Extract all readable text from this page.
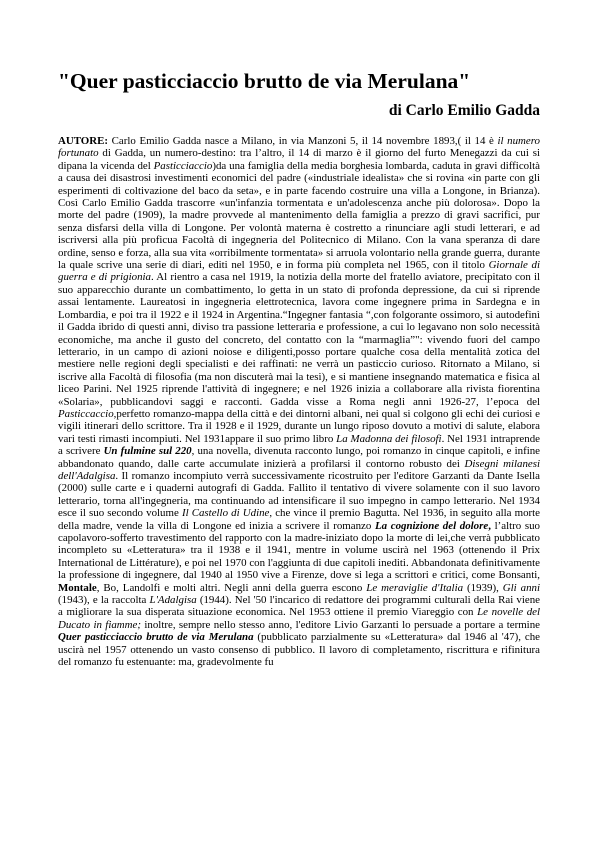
"Quer pasticciaccio brutto de via Merulana"
di Carlo Emilio Gadda

AUTORE: Carlo Emilio Gadda nasce a Milano, in via Manzoni 5, il 14 novembre 1893,( il 14 è il numero fortunato di Gadda, un numero-destino: tra l’altro, il 14 di marzo è il giorno del furto Menegazzi da cui si dipana la vicenda del Pasticciaccio)da una famiglia della media borghesia lombarda, caduta in gravi difficoltà a causa dei disastrosi investimenti economici del padre («industriale idealista» che si rovina «in parte con gli esperimenti di coltivazione del baco da seta», e in parte facendo costruire una villa a Longone, in Brianza). Così Carlo Emilio Gadda trascorre «un'infanzia tormentata e un'adolescenza anche più dolorosa». Dopo la morte del padre (1909), la madre provvede al mantenimento della famiglia a prezzo di gravi sacrifici, pur senza disfarsi della villa di Longone. Per volontà materna è costretto a rinunciare agli studi letterari, e ad iscriversi alla più proficua Facoltà di ingegneria del Politecnico di Milano. Con la vana speranza di dare ordine, senso e forza, alla sua vita «orribilmente tormentata» si arruola volontario nella grande guerra, durante la quale scrive una serie di diari, editi nel 1950, e in forma più completa nel 1965, con il titolo Giornale di guerra e di prigionia. Al rientro a casa nel 1919, la notizia della morte del fratello aviatore, precipitato con il suo apparecchio durante un combattimento, lo getta in un stato di profonda depressione, da cui si riprende assai lentamente. Laureatosi in ingegneria elettrotecnica, lavora come ingegnere prima in Sardegna e in Lombardia, e poi tra il 1922 e il 1924 in Argentina.“Ingegner fantasia “,con folgorante ossimoro, si autodefinì il Gadda ibrido di questi anni, diviso tra passione letteraria e professione, a cui lo legavano non solo necessità economiche, ma anche il gusto del concreto, del contatto con la “marmaglia”": vivendo fuori del campo letterario, in un campo di azioni noiose e diligenti,posso portare qualche cosa della mentalità zotica del mestiere nelle regioni degli specialisti e dei raffinati: ne verrà un pasticcio curioso. Ritornato a Milano, si iscrive alla Facoltà di filosofia (ma non discuterà mai la tesi), e si mantiene insegnando matematica e fisica al liceo Parini. Nel 1925 riprende l'attività di ingegnere; e nel 1926 inizia a collaborare alla rivista fiorentina «Solaria», pubblicandovi saggi e racconti. Gadda visse a Roma negli anni 1926-27, l’epoca del Pasticcaccio,perfetto romanzo-mappa della città e dei dintorni albani, nei qual si colgono gli echi dei curiosi e vigili itinerari dello scrittore. Tra il 1928 e il 1929, durante un lungo riposo dovuto a motivi di salute, elabora vari testi rimasti incompiuti. Nel 1931appare il suo primo libro La Madonna dei filosofi. Nel 1931 intraprende a scrivere Un fulmine sul 220, una novella, divenuta racconto lungo, poi romanzo in cinque capitoli, e infine abbandonato quando, dalle carte accumulate inizierà a profilarsi il contorno robusto dei Disegni milanesi dell'Adalgisa. Il romanzo incompiuto verrà successivamente ricostruito per l'editore Garzanti da Dante Isella (2000) sulle carte e i quaderni autografi di Gadda. Fallito il tentativo di vivere solamente con il suo lavoro letterario, torna all'ingegneria, ma continuando ad intensificare il suo impegno in campo letterario. Nel 1934 esce il suo secondo volume Il Castello di Udine, che vince il premio Bagutta. Nel 1936, in seguito alla morte della madre, vende la villa di Longone ed inizia a scrivere il romanzo La cognizione del dolore, l’altro suo capolavoro-sofferto travestimento del rapporto con la madre-iniziato dopo la morte di lei,che verrà pubblicato incompleto su «Letteratura» tra il 1938 e il 1941, mentre in volume uscirà nel 1963 (ottenendo il Prix International de Littérature), e poi nel 1970 con l'aggiunta di due capitoli inediti. Abbandonata definitivamente la professione di ingegnere, dal 1940 al 1950 vive a Firenze, dove si lega a scrittori e critici, come Bonsanti, Montale, Bo, Landolfi e molti altri. Negli anni della guerra escono Le meraviglie d'Italia (1939), Gli anni (1943), e la raccolta L'Adalgisa (1944). Nel '50 l'incarico di redattore dei programmi culturali della Rai viene a migliorare la sua disperata situazione economica. Nel 1953 ottiene il premio Viareggio con Le novelle del Ducato in fiamme; inoltre, sempre nello stesso anno, l'editore Livio Garzanti lo persuade a portare a termine Quer pasticciaccio brutto de via Merulana (pubblicato parzialmente su «Letteratura» dal 1946 al '47), che uscirà nel 1957 ottenendo un vasto consenso di pubblico. Il lavoro di completamento, riscrittura e rifinitura del romanzo fu estenuante: ma, gradevolmente fu
